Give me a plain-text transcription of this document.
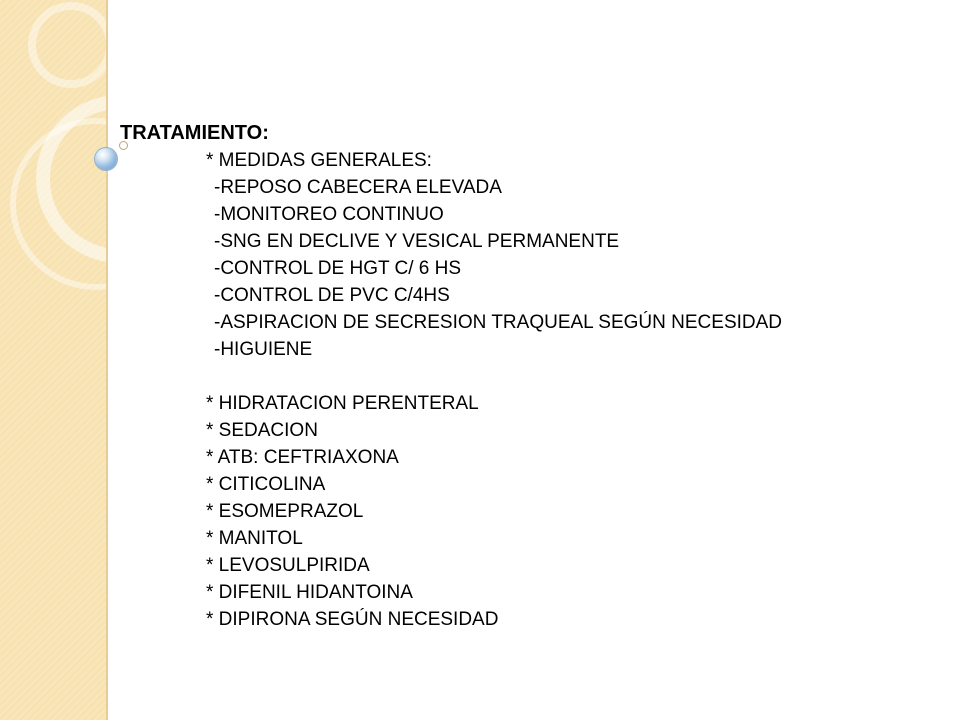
TRATAMIENTO:

* MEDIDAS GENERALES:

-REPOSO CABECERA ELEVADA

-MONITOREO CONTINUO

-SNG EN DECLIVE Y VESICAL PERMANENTE

-CONTROL DE HGT C/ 6 HS

-CONTROL DE PVC C/4HS

-ASPIRACION DE SECRESION TRAQUEAL SEGÚN NECESIDAD

-HIGUIENE

* HIDRATACION PERENTERAL

* SEDACION

* ATB: CEFTRIAXONA

* CITICOLINA

* ESOMEPRAZOL

* MANITOL

* LEVOSULPIRIDA

* DIFENIL HIDANTOINA

* DIPIRONA SEGÚN NECESIDAD
